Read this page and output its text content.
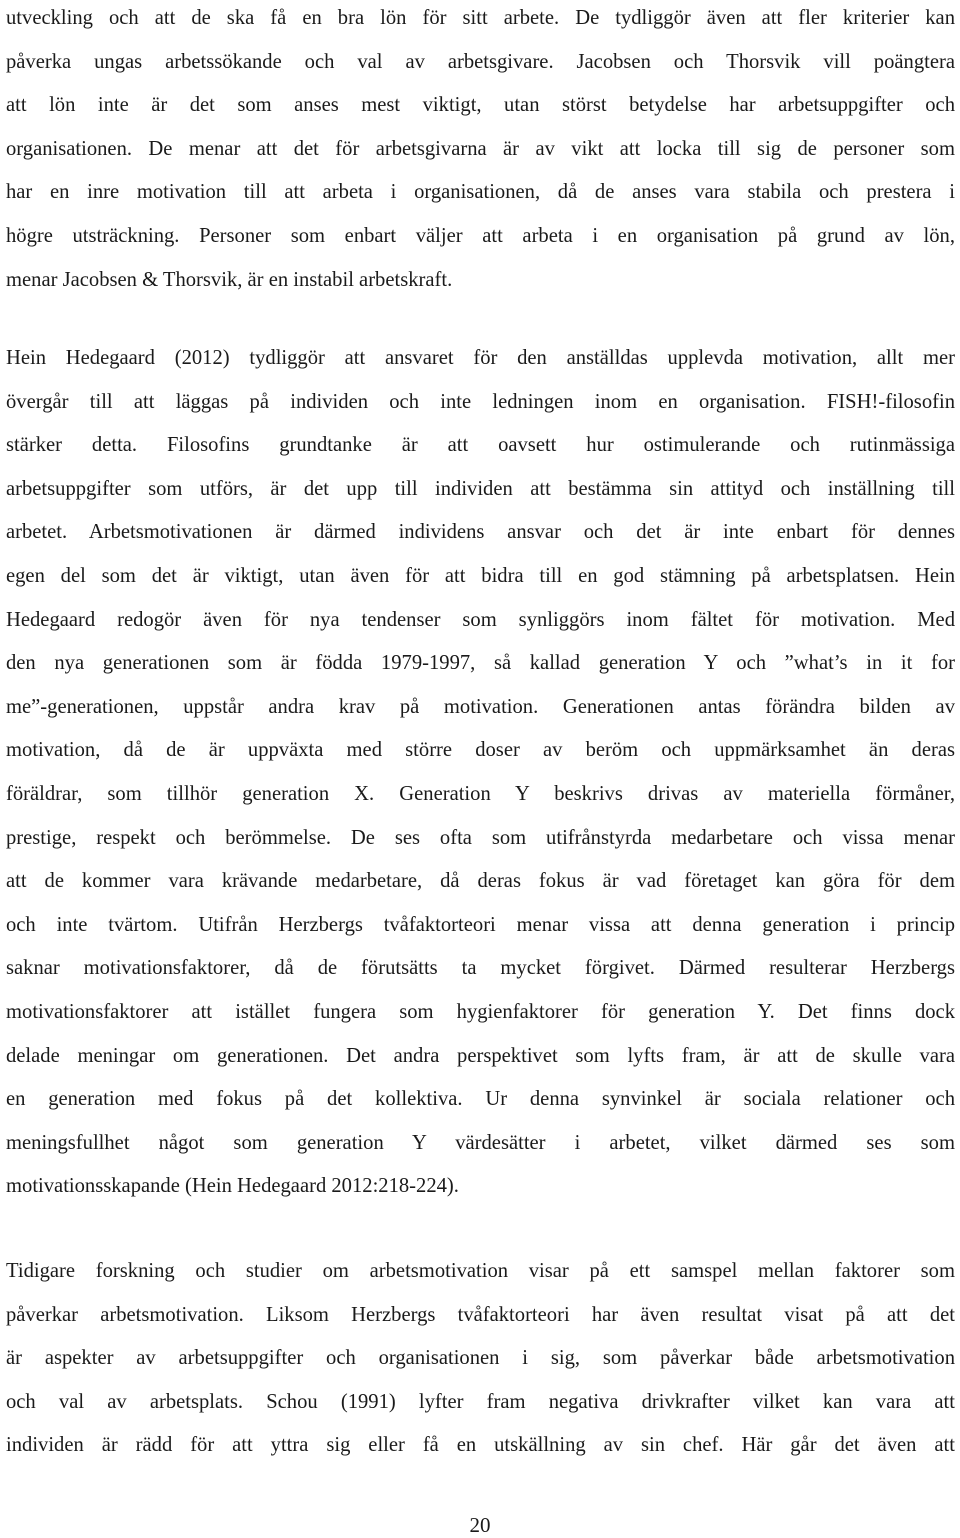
utveckling och att de ska få en bra lön för sitt arbete. De tydliggör även att fler kriterier kan
påverka ungas arbetssökande och val av arbetsgivare. Jacobsen och Thorsvik vill poängtera
att lön inte är det som anses mest viktigt, utan störst betydelse har arbetsuppgifter och
organisationen. De menar att det för arbetsgivarna är av vikt att locka till sig de personer som
har en inre motivation till att arbeta i organisationen, då de anses vara stabila och prestera i
högre utsträckning. Personer som enbart väljer att arbeta i en organisation på grund av lön,
menar Jacobsen & Thorsvik, är en instabil arbetskraft.
Hein Hedegaard (2012) tydliggör att ansvaret för den anställdas upplevda motivation, allt mer
övergår till att läggas på individen och inte ledningen inom en organisation. FISH!-filosofin
stärker detta. Filosofins grundtanke är att oavsett hur ostimulerande och rutinmässiga
arbetsuppgifter som utförs, är det upp till individen att bestämma sin attityd och inställning till
arbetet. Arbetsmotivationen är därmed individens ansvar och det är inte enbart för dennes
egen del som det är viktigt, utan även för att bidra till en god stämning på arbetsplatsen. Hein
Hedegaard redogör även för nya tendenser som synliggörs inom fältet för motivation. Med
den nya generationen som är födda 1979-1997, så kallad generation Y och ”what’s in it for
me”-generationen, uppstår andra krav på motivation. Generationen antas förändra bilden av
motivation, då de är uppväxta med större doser av beröm och uppmärksamhet än deras
föräldrar, som tillhör generation X. Generation Y beskrivs drivas av materiella förmåner,
prestige, respekt och berömmelse. De ses ofta som utifrånstyrda medarbetare och vissa menar
att de kommer vara krävande medarbetare, då deras fokus är vad företaget kan göra för dem
och inte tvärtom. Utifrån Herzbergs tvåfaktorteori menar vissa att denna generation i princip
saknar motivationsfaktorer, då de förutsätts ta mycket förgivet. Därmed resulterar Herzbergs
motivationsfaktorer att istället fungera som hygienfaktorer för generation Y. Det finns dock
delade meningar om generationen. Det andra perspektivet som lyfts fram, är att de skulle vara
en generation med fokus på det kollektiva. Ur denna synvinkel är sociala relationer och
meningsfullhet något som generation Y värdesätter i arbetet, vilket därmed ses som
motivationsskapande (Hein Hedegaard 2012:218-224).
Tidigare forskning och studier om arbetsmotivation visar på ett samspel mellan faktorer som
påverkar arbetsmotivation. Liksom Herzbergs tvåfaktorteori har även resultat visat på att det
är aspekter av arbetsuppgifter och organisationen i sig, som påverkar både arbetsmotivation
och val av arbetsplats. Schou (1991) lyfter fram negativa drivkrafter vilket kan vara att
individen är rädd för att yttra sig eller få en utskällning av sin chef. Här går det även att
20
